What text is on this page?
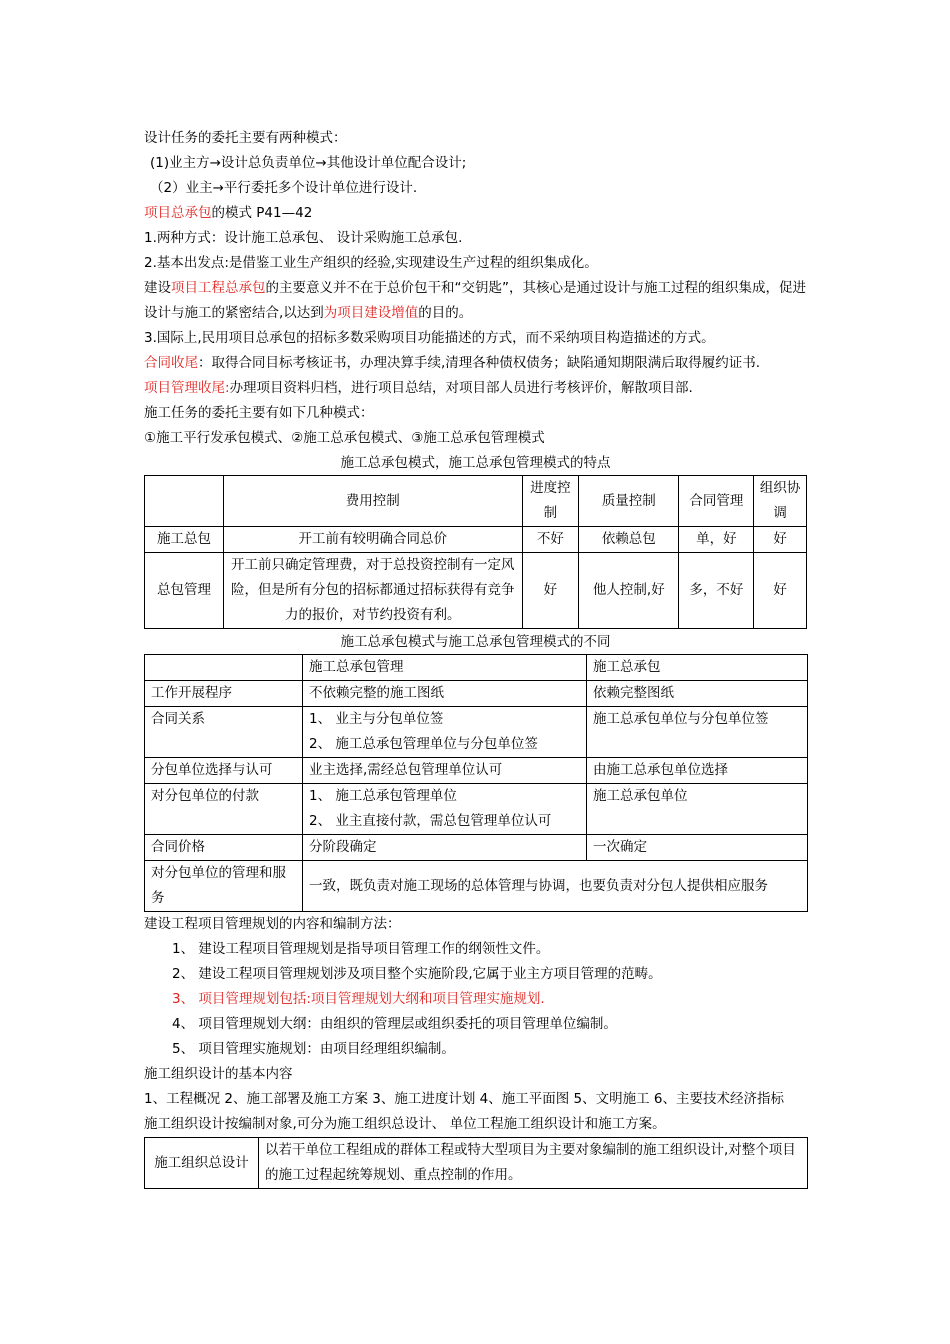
设计任务的委托主要有两种模式：
(1)业主方→设计总负责单位→其他设计单位配合设计;
（2）业主→平行委托多个设计单位进行设计.
项目总承包的模式 P41—42
1.两种方式：设计施工总承包、 设计采购施工总承包.
2.基本出发点:是借鉴工业生产组织的经验,实现建设生产过程的组织集成化。
建设项目工程总承包的主要意义并不在于总价包干和“交钥匙”，其核心是通过设计与施工过程的组织集成，促进设计与施工的紧密结合,以达到为项目建设增值的目的。
3.国际上,民用项目总承包的招标多数采购项目功能描述的方式，而不采纳项目构造描述的方式。
合同收尾：取得合同目标考核证书，办理决算手续,清理各种债权债务；缺陷通知期限满后取得履约证书.
项目管理收尾:办理项目资料归档，进行项目总结，对项目部人员进行考核评价，解散项目部.
施工任务的委托主要有如下几种模式：
①施工平行发承包模式、②施工总承包模式、③施工总承包管理模式
施工总承包模式，施工总承包管理模式的特点
	费用控制	进度控制	质量控制	合同管理	组织协调
施工总包	开工前有较明确合同总价	不好	依赖总包	单，好	好
总包管理	开工前只确定管理费，对于总投资控制有一定风险，但是所有分包的招标都通过招标获得有竞争力的报价，对节约投资有利。	好	他人控制,好	多，不好	好
施工总承包模式与施工总承包管理模式的不同
	施工总承包管理	施工总承包
工作开展程序	不依赖完整的施工图纸	依赖完整图纸
合同关系	1、 业主与分包单位签
2、 施工总承包管理单位与分包单位签	施工总承包单位与分包单位签
分包单位选择与认可	业主选择,需经总包管理单位认可	由施工总承包单位选择
对分包单位的付款	1、 施工总承包管理单位
2、 业主直接付款，需总包管理单位认可	施工总承包单位
合同价格	分阶段确定	一次确定
对分包单位的管理和服务	一致，既负责对施工现场的总体管理与协调，也要负责对分包人提供相应服务	
建设工程项目管理规划的内容和编制方法：
1、 建设工程项目管理规划是指导项目管理工作的纲领性文件。
2、 建设工程项目管理规划涉及项目整个实施阶段,它属于业主方项目管理的范畴。
3、 项目管理规划包括:项目管理规划大纲和项目管理实施规划.
4、 项目管理规划大纲：由组织的管理层或组织委托的项目管理单位编制。
5、 项目管理实施规划：由项目经理组织编制。
施工组织设计的基本内容
1、工程概况 2、施工部署及施工方案 3、施工进度计划 4、施工平面图 5、文明施工 6、主要技术经济指标
施工组织设计按编制对象,可分为施工组织总设计、 单位工程施工组织设计和施工方案。
施工组织总设计	以若干单位工程组成的群体工程或特大型项目为主要对象编制的施工组织设计,对整个项目的施工过程起统筹规划、重点控制的作用。
